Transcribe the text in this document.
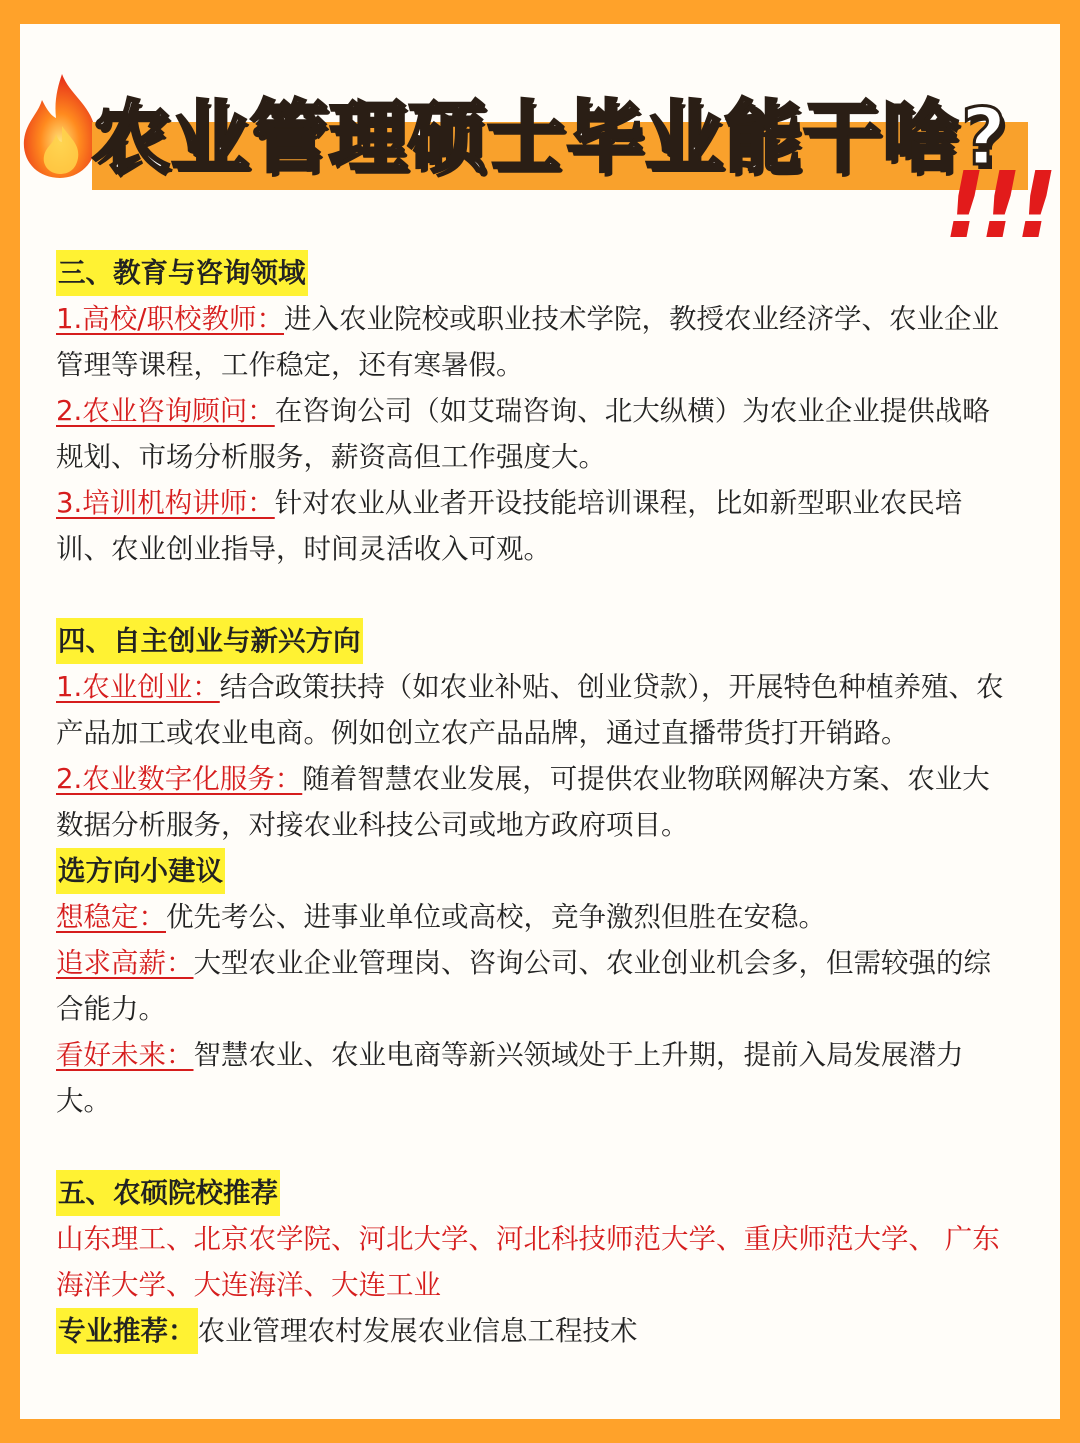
农业管理硕士毕业能干啥?
!!!
三、教育与咨询领域
1.高校/职校教师：进入农业院校或职业技术学院，教授农业经济学、农业企业管理等课程，工作稳定，还有寒暑假。
2.农业咨询顾问：在咨询公司（如艾瑞咨询、北大纵横）为农业企业提供战略规划、市场分析服务，薪资高但工作强度大。
3.培训机构讲师：针对农业从业者开设技能培训课程，比如新型职业农民培训、农业创业指导，时间灵活收入可观。
四、自主创业与新兴方向
1.农业创业：结合政策扶持（如农业补贴、创业贷款），开展特色种植养殖、农产品加工或农业电商。例如创立农产品品牌，通过直播带货打开销路。
2.农业数字化服务：随着智慧农业发展，可提供农业物联网解决方案、农业大数据分析服务，对接农业科技公司或地方政府项目。
选方向小建议
想稳定：优先考公、进事业单位或高校，竞争激烈但胜在安稳。
追求高薪：大型农业企业管理岗、咨询公司、农业创业机会多，但需较强的综合能力。
看好未来：智慧农业、农业电商等新兴领域处于上升期，提前入局发展潜力大。
五、农硕院校推荐
山东理工、北京农学院、河北大学、河北科技师范大学、重庆师范大学、 广东海洋大学、大连海洋、大连工业
专业推荐：农业管理农村发展农业信息工程技术
